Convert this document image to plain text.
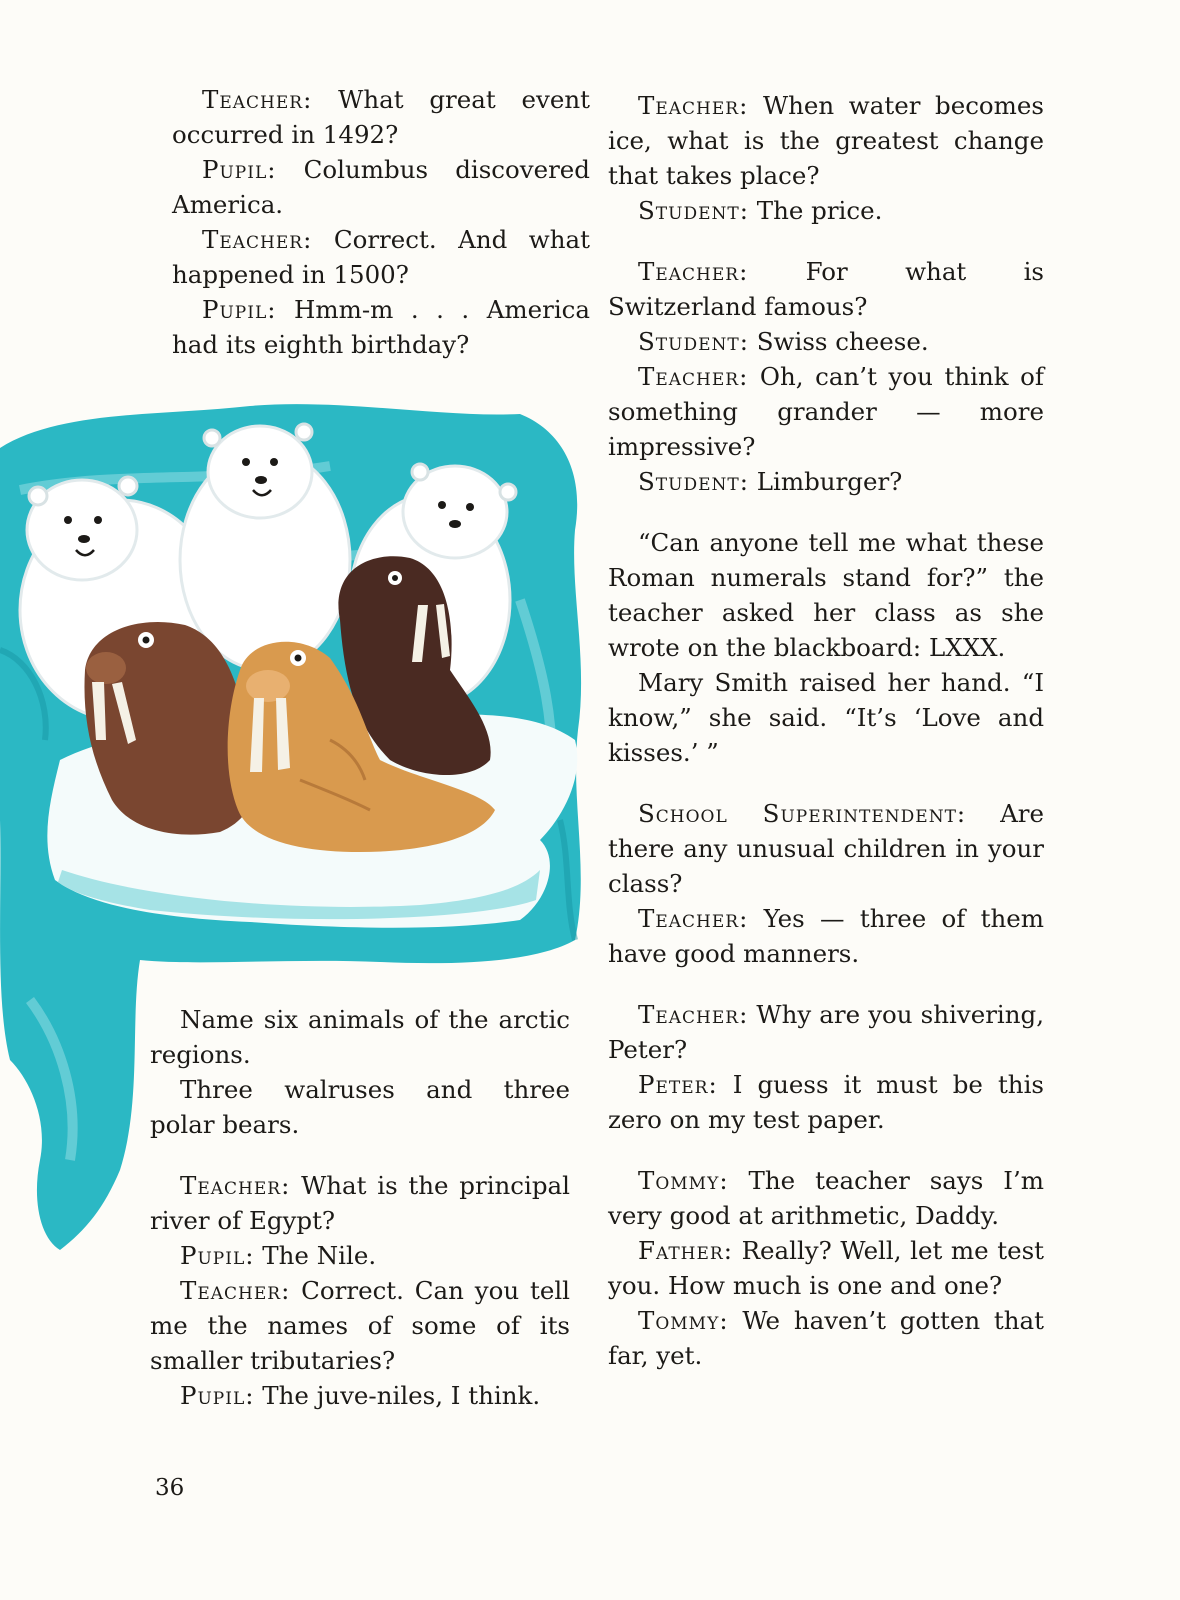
Teacher: What great event occurred in 1492?

Pupil: Columbus discovered America.

Teacher: Correct. And what happened in 1500?

Pupil: Hmm-m . . . America had its eighth birthday?

Name six animals of the arctic regions.

Three walruses and three polar bears.

Teacher: What is the principal river of Egypt?

Pupil: The Nile.

Teacher: Correct. Can you tell me the names of some of its smaller tributaries?

Pupil: The juve-niles, I think.

Teacher: When water becomes ice, what is the greatest change that takes place?

Student: The price.

Teacher: For what is Switzerland famous?

Student: Swiss cheese.

Teacher: Oh, can’t you think of something grander — more impressive?

Student: Limburger?

“Can anyone tell me what these Roman numerals stand for?” the teacher asked her class as she wrote on the blackboard: LXXX.

Mary Smith raised her hand. “I know,” she said. “It’s ‘Love and kisses.’ ”

School Superintendent: Are there any unusual children in your class?

Teacher: Yes — three of them have good manners.

Teacher: Why are you shivering, Peter?

Peter: I guess it must be this zero on my test paper.

Tommy: The teacher says I’m very good at arithmetic, Daddy.

Father: Really? Well, let me test you. How much is one and one?

Tommy: We haven’t gotten that far, yet.

36
